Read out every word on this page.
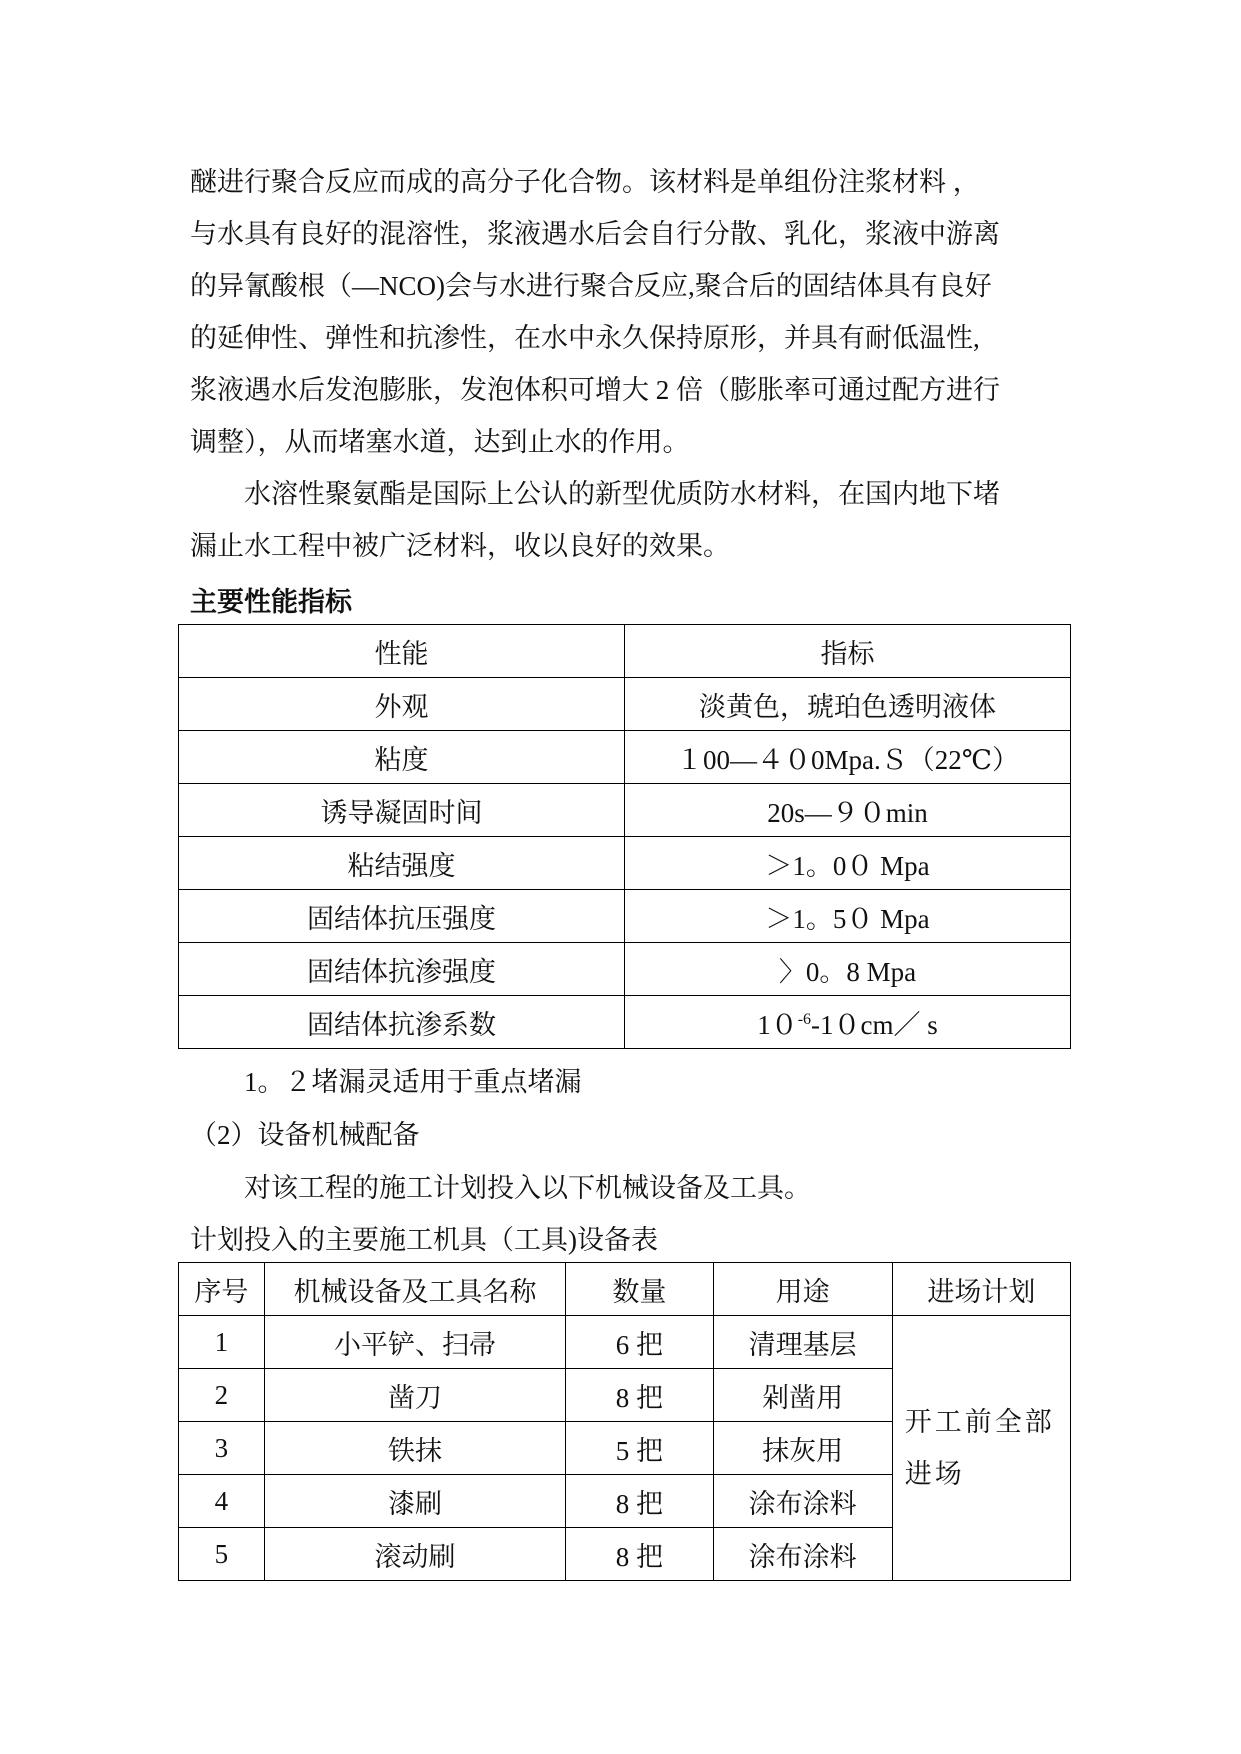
醚进行聚合反应而成的高分子化合物。该材料是单组份注浆材料 ，
与水具有良好的混溶性，浆液遇水后会自行分散、乳化，浆液中游离
的异氰酸根（—NCO)会与水进行聚合反应,聚合后的固结体具有良好
的延伸性、弹性和抗渗性，在水中永久保持原形，并具有耐低温性,
浆液遇水后发泡膨胀，发泡体积可增大 2 倍（膨胀率可通过配方进行
调整），从而堵塞水道，达到止水的作用。

水溶性聚氨酯是国际上公认的新型优质防水材料，在国内地下堵
漏止水工程中被广泛材料，收以良好的效果。

主要性能指标

性能	指标
外观	淡黄色，琥珀色透明液体
粘度	１00—４０0Mpa.Ｓ（22℃）
诱导凝固时间	20s—９０min
粘结强度	＞1。0０ Mpa
固结体抗压强度	＞1。5０ Mpa
固结体抗渗强度	〉0。8 Mpa
固结体抗渗系数	$10^{-6}-10cm/$ s

1。２堵漏灵适用于重点堵漏

（2）设备机械配备

对该工程的施工计划投入以下机械设备及工具。

计划投入的主要施工机具（工具)设备表

序号	机械设备及工具名称	数量	用途	进场计划
1	小平铲、扫帚	6 把	清理基层	开工前全部进场
2	凿刀	8 把	剁凿用	
3	铁抹	5 把	抹灰用	
4	漆刷	8 把	涂布涂料	
5	滚动刷	8 把	涂布涂料	
